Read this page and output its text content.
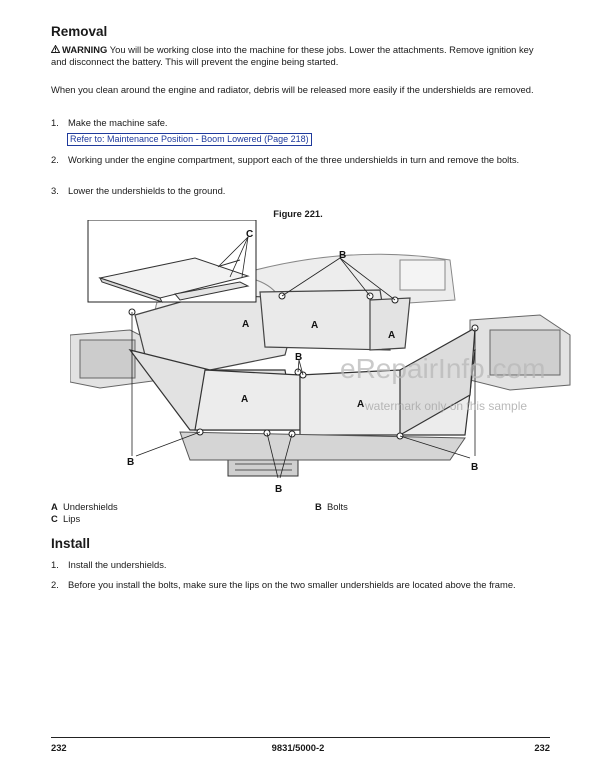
Removal
WARNING You will be working close into the machine for these jobs. Lower the attachments. Remove ignition key and disconnect the battery. This will prevent the engine being started.
When you clean around the engine and radiator, debris will be released more easily if the undershields are removed.
1. Make the machine safe.
Refer to: Maintenance Position - Boom Lowered (Page 218)
2. Working under the engine compartment, support each of the three undershields in turn and remove the bolts.
3. Lower the undershields to the ground.
Figure 221.
C
B
B
B
B
B
A	A
A
A	A
eRepairInfo.com
watermark only on this sample
A Undershields	B Bolts
C Lips
Install
1. Install the undershields.
2. Before you install the bolts, make sure the lips on the two smaller undershields are located above the frame.
232	9831/5000-2	232
